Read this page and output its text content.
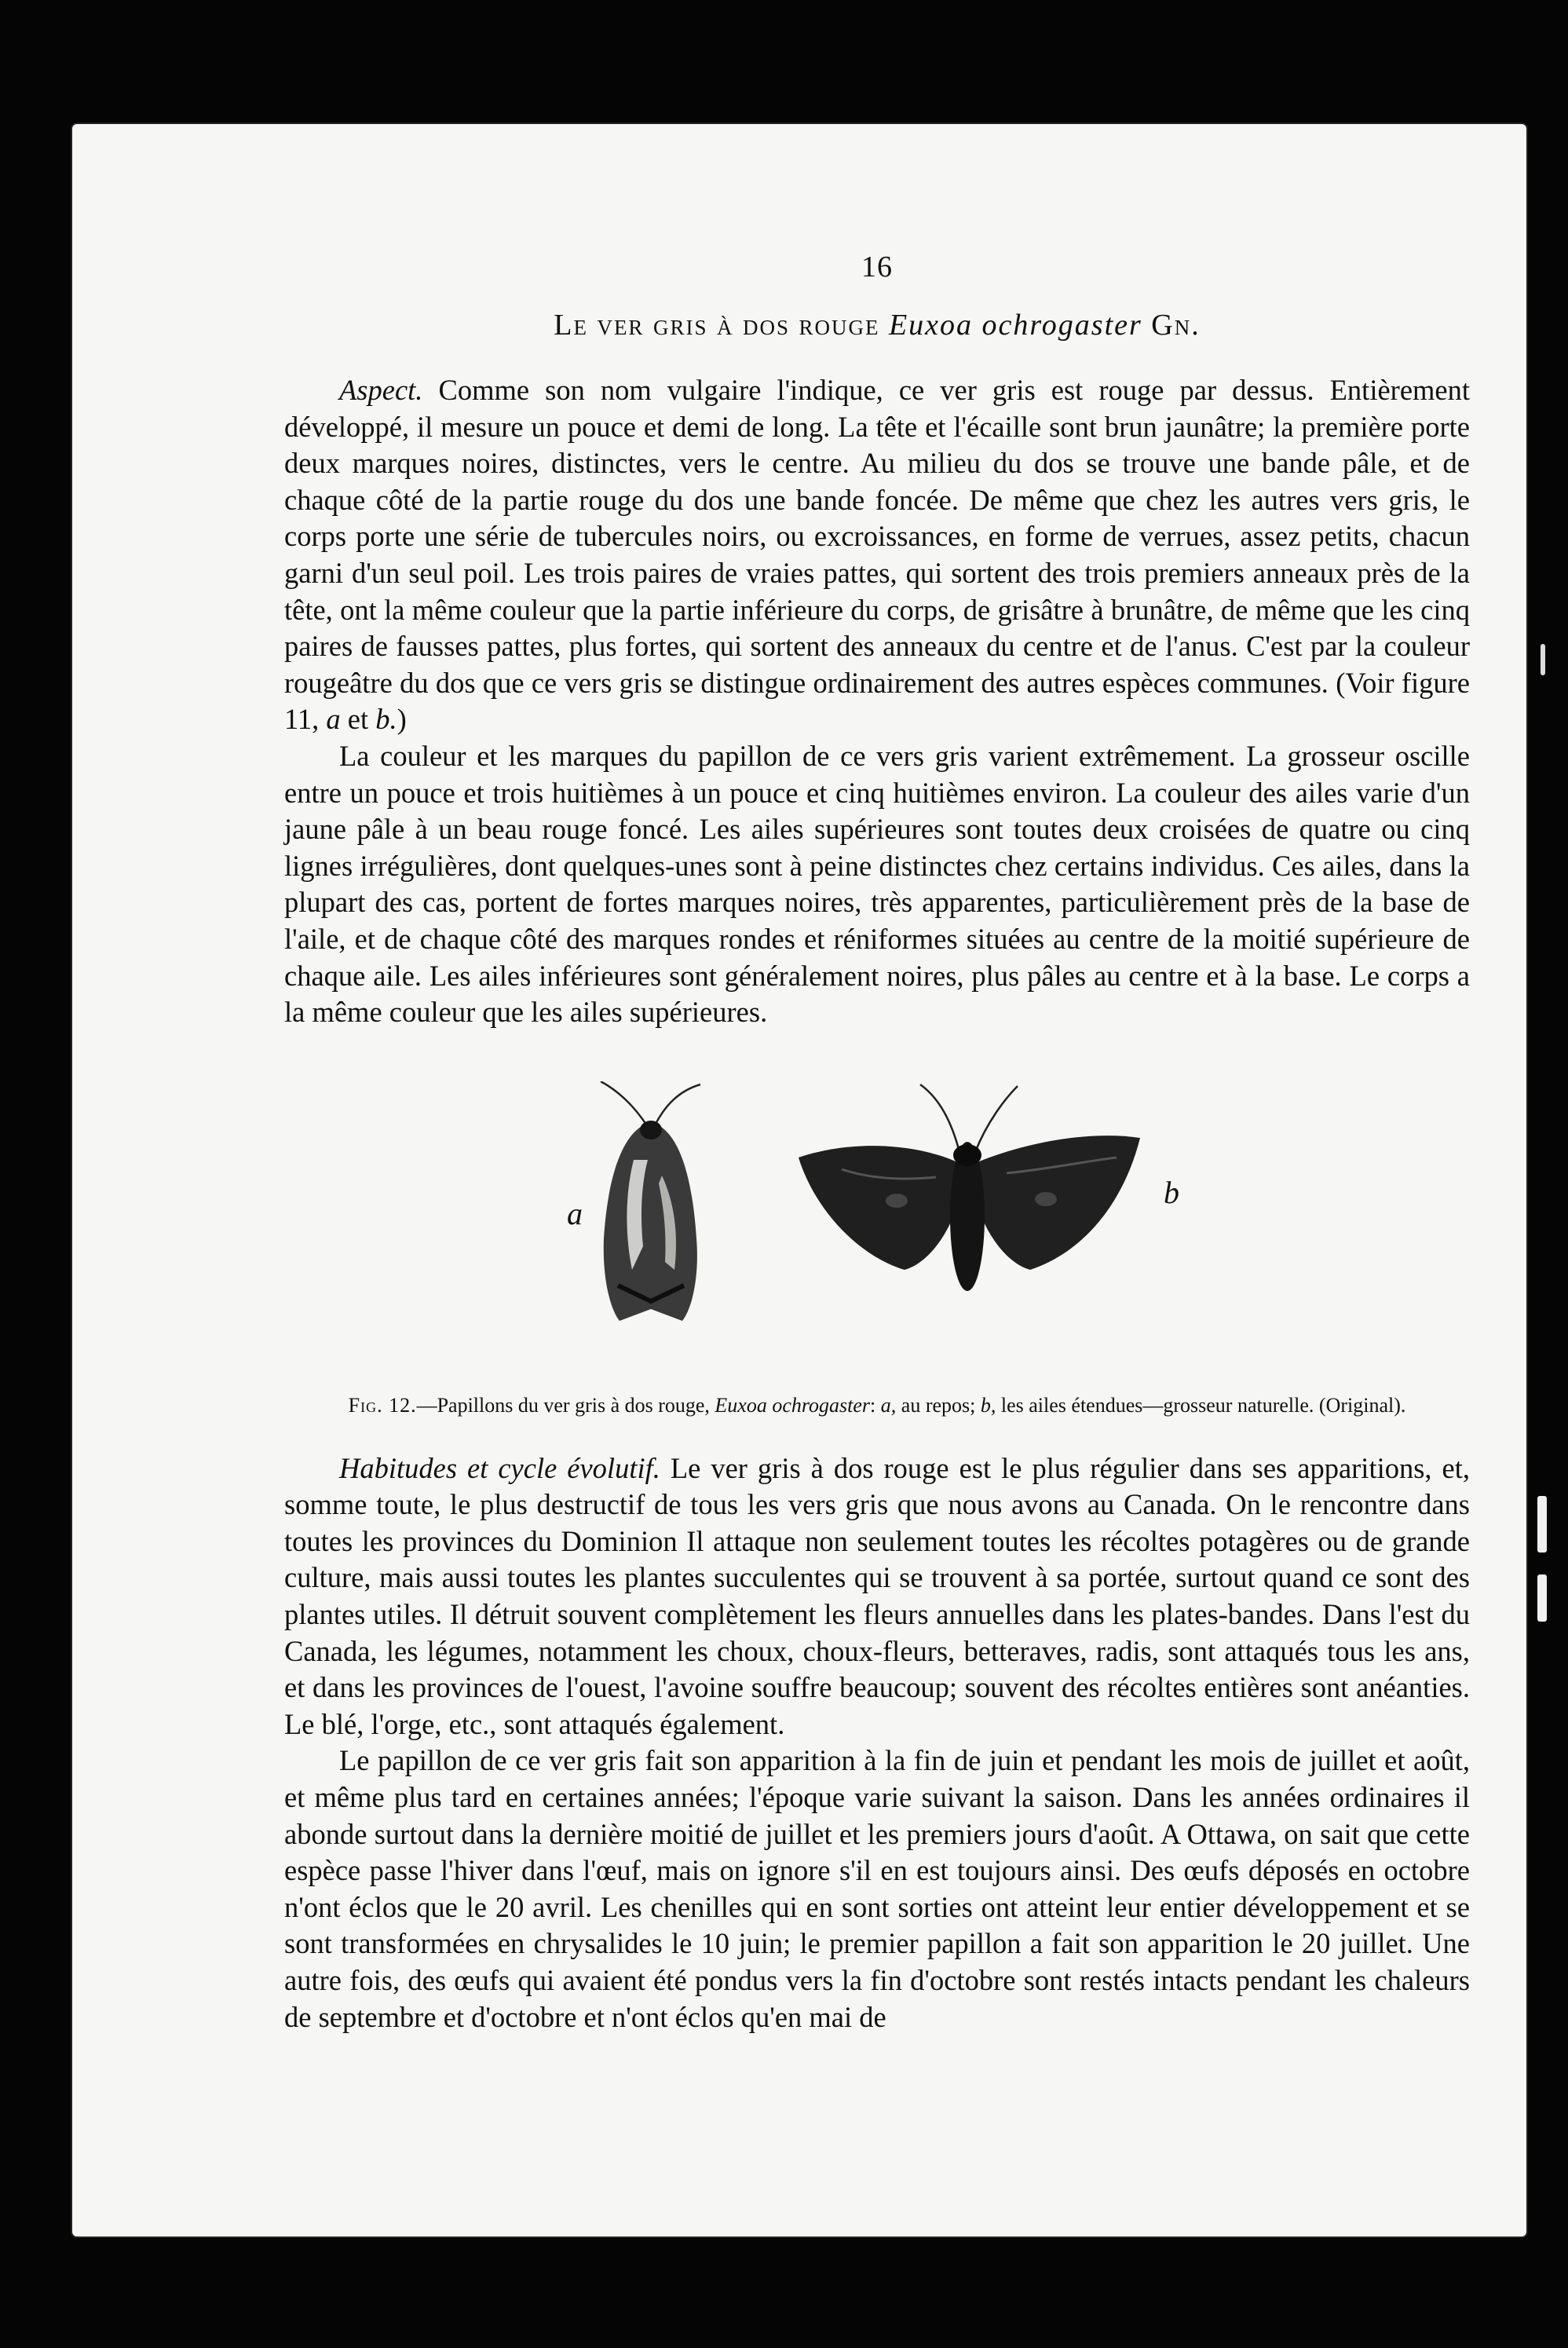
16
Le ver gris à dos rouge Euxoa ochrogaster Gn.

Aspect. Comme son nom vulgaire l'indique, ce ver gris est rouge par dessus. Entièrement développé, il mesure un pouce et demi de long. La tête et l'écaille sont brun jaunâtre; la première porte deux marques noires, distinctes, vers le centre. Au milieu du dos se trouve une bande pâle, et de chaque côté de la partie rouge du dos une bande foncée. De même que chez les autres vers gris, le corps porte une série de tubercules noirs, ou excroissances, en forme de verrues, assez petits, chacun garni d'un seul poil. Les trois paires de vraies pattes, qui sortent des trois premiers anneaux près de la tête, ont la même couleur que la partie inférieure du corps, de grisâtre à brunâtre, de même que les cinq paires de fausses pattes, plus fortes, qui sortent des anneaux du centre et de l'anus. C'est par la couleur rougeâtre du dos que ce vers gris se distingue ordinairement des autres espèces communes. (Voir figure 11, a et b.)

La couleur et les marques du papillon de ce vers gris varient extrêmement. La grosseur oscille entre un pouce et trois huitièmes à un pouce et cinq huitièmes environ. La couleur des ailes varie d'un jaune pâle à un beau rouge foncé. Les ailes supérieures sont toutes deux croisées de quatre ou cinq lignes irrégulières, dont quelques-unes sont à peine distinctes chez certains individus. Ces ailes, dans la plupart des cas, portent de fortes marques noires, très apparentes, particulièrement près de la base de l'aile, et de chaque côté des marques rondes et réniformes situées au centre de la moitié supérieure de chaque aile. Les ailes inférieures sont généralement noires, plus pâles au centre et à la base. Le corps a la même couleur que les ailes supérieures.

a
b
Fig. 12.—Papillons du ver gris à dos rouge, Euxoa ochrogaster: a, au repos; b, les ailes étendues—grosseur naturelle. (Original).

Habitudes et cycle évolutif. Le ver gris à dos rouge est le plus régulier dans ses apparitions, et, somme toute, le plus destructif de tous les vers gris que nous avons au Canada. On le rencontre dans toutes les provinces du Dominion Il attaque non seulement toutes les récoltes potagères ou de grande culture, mais aussi toutes les plantes succulentes qui se trouvent à sa portée, surtout quand ce sont des plantes utiles. Il détruit souvent complètement les fleurs annuelles dans les plates-bandes. Dans l'est du Canada, les légumes, notamment les choux, choux-fleurs, betteraves, radis, sont attaqués tous les ans, et dans les provinces de l'ouest, l'avoine souffre beaucoup; souvent des récoltes entières sont anéanties. Le blé, l'orge, etc., sont attaqués également.

Le papillon de ce ver gris fait son apparition à la fin de juin et pendant les mois de juillet et août, et même plus tard en certaines années; l'époque varie suivant la saison. Dans les années ordinaires il abonde surtout dans la dernière moitié de juillet et les premiers jours d'août. A Ottawa, on sait que cette espèce passe l'hiver dans l'œuf, mais on ignore s'il en est toujours ainsi. Des œufs déposés en octobre n'ont éclos que le 20 avril. Les chenilles qui en sont sorties ont atteint leur entier développement et se sont transformées en chrysalides le 10 juin; le premier papillon a fait son apparition le 20 juillet. Une autre fois, des œufs qui avaient été pondus vers la fin d'octobre sont restés intacts pendant les chaleurs de septembre et d'octobre et n'ont éclos qu'en mai de
